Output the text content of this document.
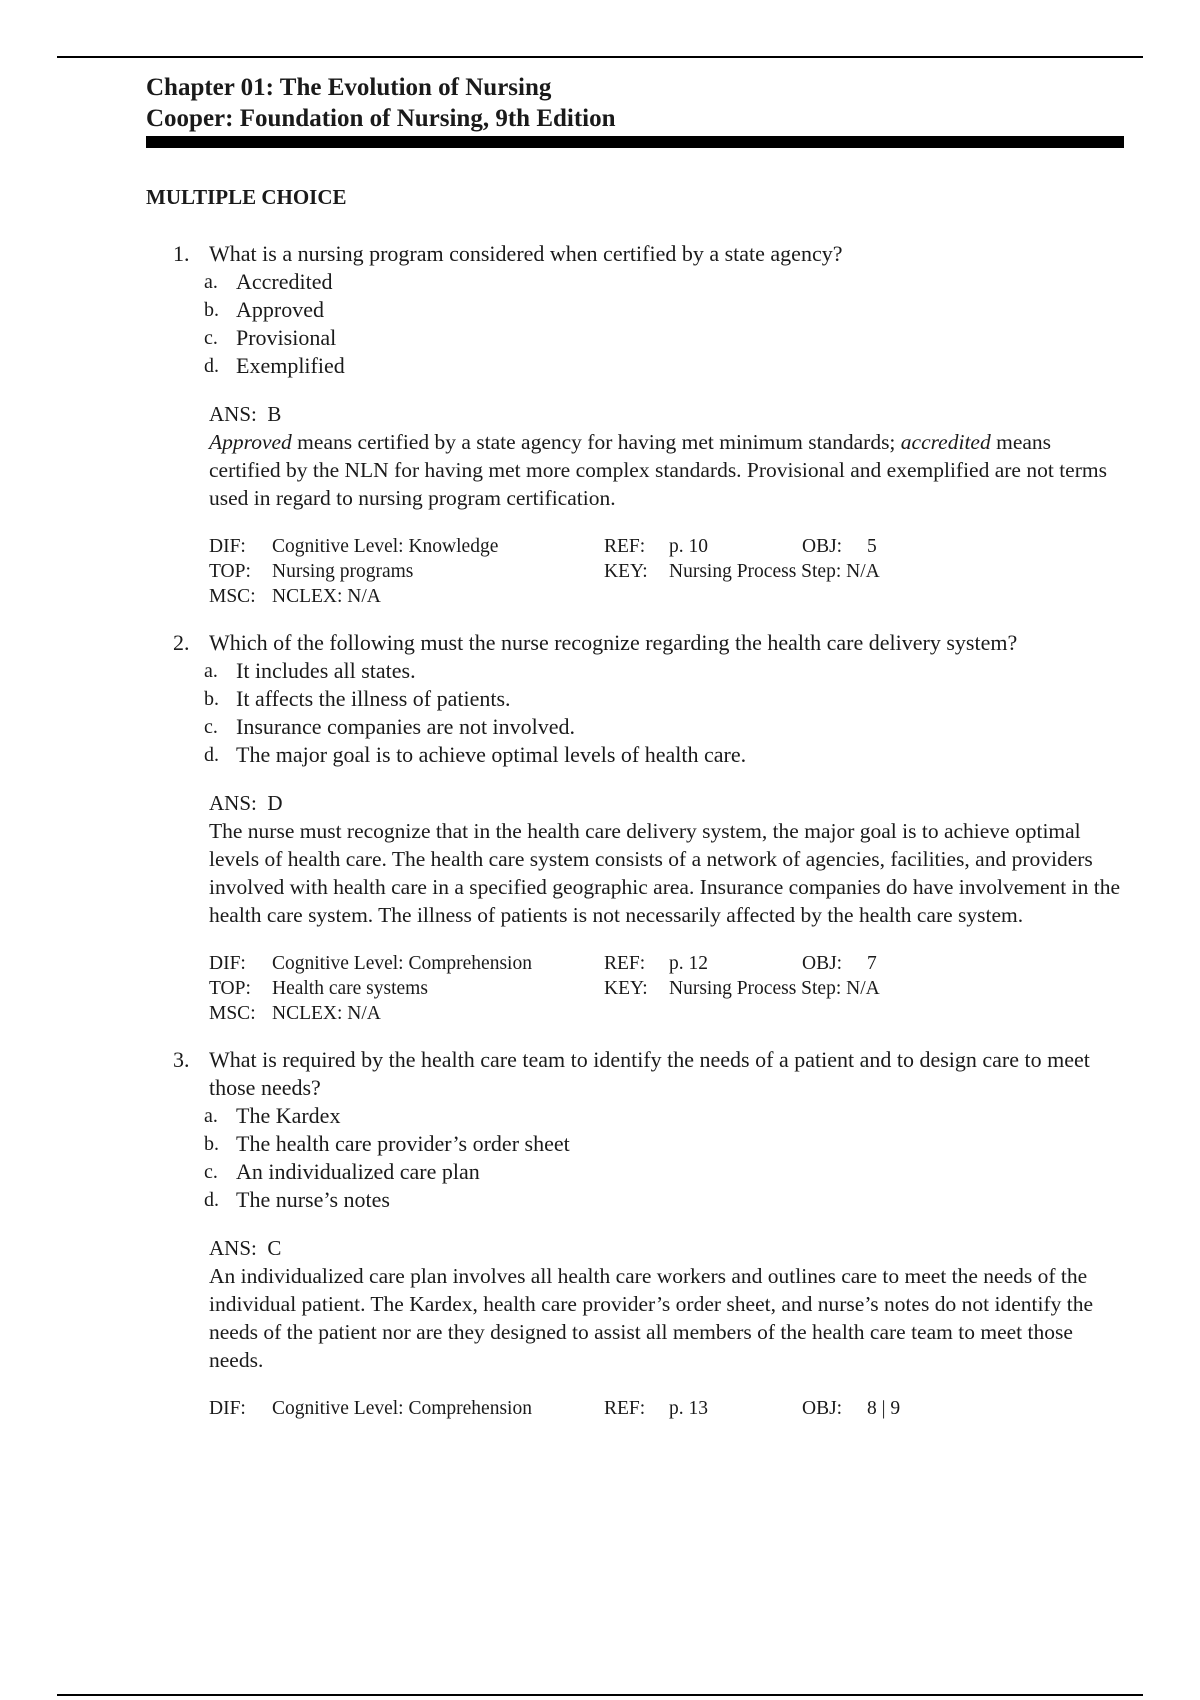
Chapter 01: The Evolution of Nursing
Cooper: Foundation of Nursing, 9th Edition
MULTIPLE CHOICE
1. What is a nursing program considered when certified by a state agency?
a. Accredited
b. Approved
c. Provisional
d. Exemplified
ANS: B
Approved means certified by a state agency for having met minimum standards; accredited means certified by the NLN for having met more complex standards. Provisional and exemplified are not terms used in regard to nursing program certification.
DIF:	Cognitive Level: Knowledge	REF:	p. 10	OBJ:	5
TOP:	Nursing programs	KEY:	Nursing Process Step: N/A
MSC: NCLEX: N/A
2. Which of the following must the nurse recognize regarding the health care delivery system?
a. It includes all states.
b. It affects the illness of patients.
c. Insurance companies are not involved.
d. The major goal is to achieve optimal levels of health care.
ANS: D
The nurse must recognize that in the health care delivery system, the major goal is to achieve optimal levels of health care. The health care system consists of a network of agencies, facilities, and providers involved with health care in a specified geographic area. Insurance companies do have involvement in the health care system. The illness of patients is not necessarily affected by the health care system.
DIF:	Cognitive Level: Comprehension	REF:	p. 12	OBJ:	7
TOP:	Health care systems	KEY:	Nursing Process Step: N/A
MSC: NCLEX: N/A
3. What is required by the health care team to identify the needs of a patient and to design care to meet those needs?
a. The Kardex
b. The health care provider’s order sheet
c. An individualized care plan
d. The nurse’s notes
ANS: C
An individualized care plan involves all health care workers and outlines care to meet the needs of the individual patient. The Kardex, health care provider’s order sheet, and nurse’s notes do not identify the needs of the patient nor are they designed to assist all members of the health care team to meet those needs.
DIF:	Cognitive Level: Comprehension	REF:	p. 13	OBJ:	8 | 9
